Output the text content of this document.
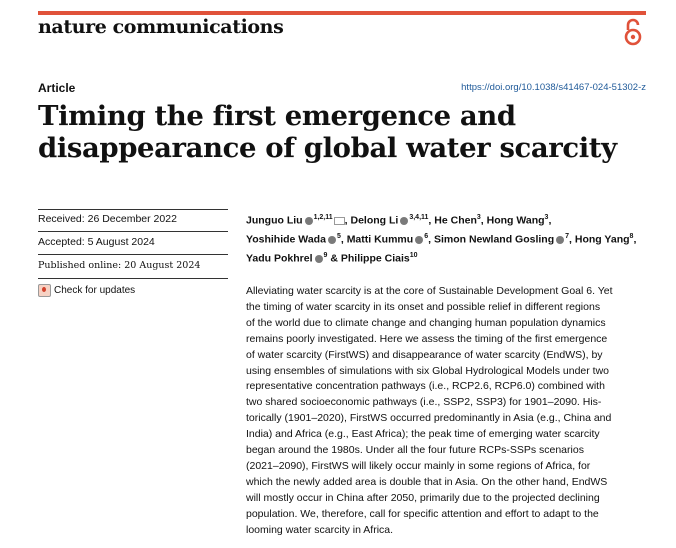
nature communications
Article	https://doi.org/10.1038/s41467-024-51302-z
Timing the first emergence and
disappearance of global water scarcity
Received: 26 December 2022
Accepted: 5 August 2024
Published online: 20 August 2024
Check for updates
Junguo Liu $^{1,2,11}$ , Delong Li $^{3,4,11}$, He Chen$^3$, Hong Wang$^3$,
Yoshihide Wada $^5$, Matti Kummu $^6$, Simon Newland Gosling $^7$, Hong Yang$^8$,
Yadu Pokhrel $^9$ & Philippe Ciais$^{10}$

Alleviating water scarcity is at the core of Sustainable Development Goal 6. Yet
the timing of water scarcity in its onset and possible relief in different regions
of the world due to climate change and changing human population dynamics
remains poorly investigated. Here we assess the timing of the first emergence
of water scarcity (FirstWS) and disappearance of water scarcity (EndWS), by
using ensembles of simulations with six Global Hydrological Models under two
representative concentration pathways (i.e., RCP2.6, RCP6.0) combined with
two shared socioeconomic pathways (i.e., SSP2, SSP3) for 1901–2090. His-
torically (1901–2020), FirstWS occurred predominantly in Asia (e.g., China and
India) and Africa (e.g., East Africa); the peak time of emerging water scarcity
began around the 1980s. Under all the four future RCPs-SSPs scenarios
(2021–2090), FirstWS will likely occur mainly in some regions of Africa, for
which the newly added area is double that in Asia. On the other hand, EndWS
will mostly occur in China after 2050, primarily due to the projected declining
population. We, therefore, call for specific attention and effort to adapt to the
looming water scarcity in Africa.
